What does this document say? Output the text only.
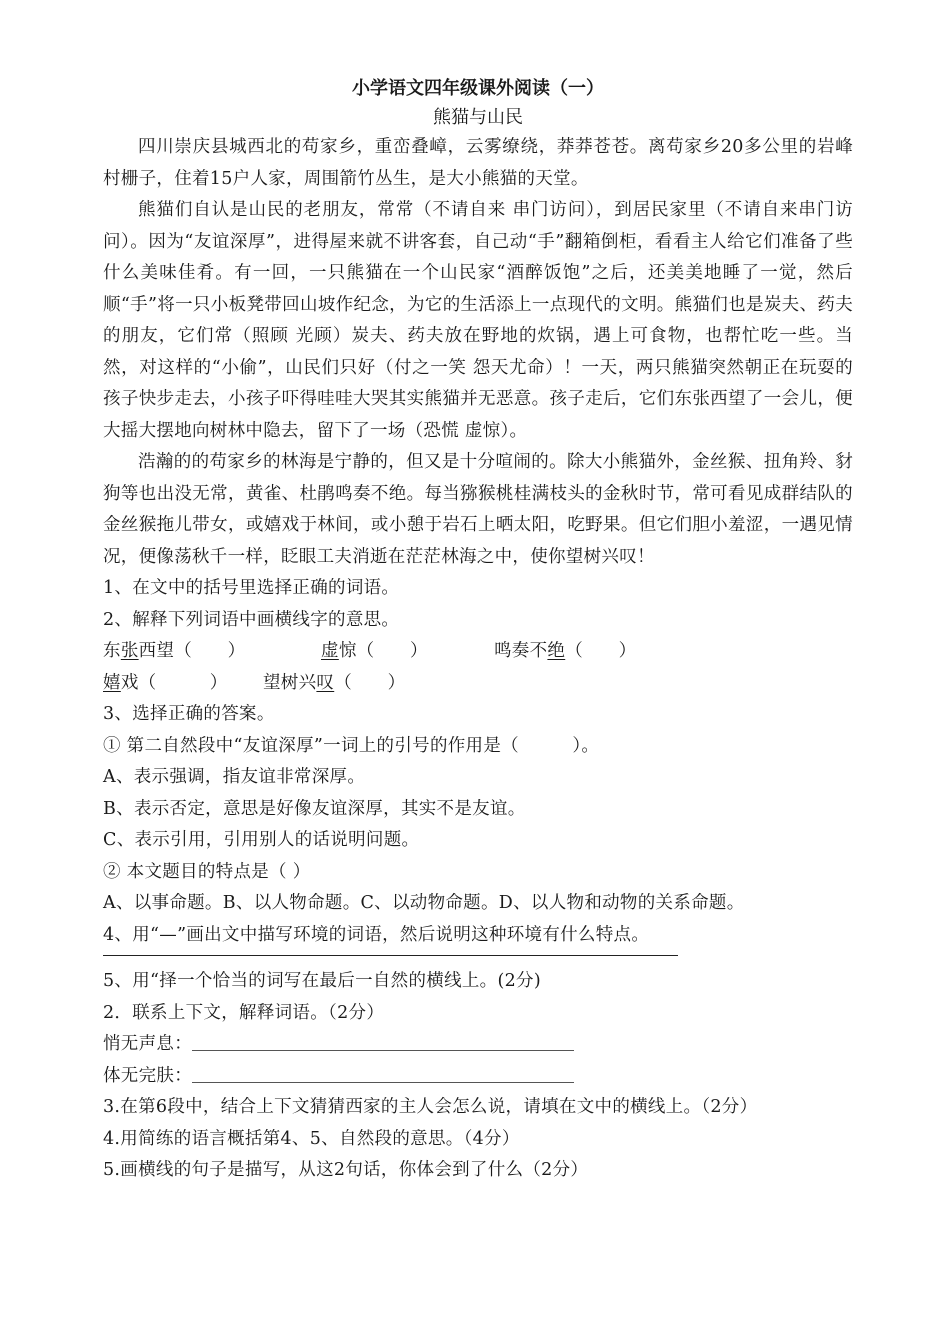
小学语文四年级课外阅读（一）

熊猫与山民

四川崇庆县城西北的苟家乡，重峦叠嶂，云雾缭绕，莽莽苍苍。离苟家乡20多公里的岩峰村栅子，住着15户人家，周围箭竹丛生，是大小熊猫的天堂。

熊猫们自认是山民的老朋友，常常（不请自来 串门访问），到居民家里（不请自来串门访问）。因为“友谊深厚”，进得屋来就不讲客套，自己动“手”翻箱倒柜，看看主人给它们准备了些什么美味佳肴。有一回，一只熊猫在一个山民家“酒醉饭饱”之后，还美美地睡了一觉，然后顺“手”将一只小板凳带回山坡作纪念，为它的生活添上一点现代的文明。熊猫们也是炭夫、药夫的朋友，它们常（照顾 光顾）炭夫、药夫放在野地的炊锅，遇上可食物，也帮忙吃一些。当然，对这样的“小偷”，山民们只好（付之一笑 怨天尤命）！一天，两只熊猫突然朝正在玩耍的孩子快步走去，小孩子吓得哇哇大哭其实熊猫并无恶意。孩子走后，它们东张西望了一会儿，便大摇大摆地向树林中隐去，留下了一场（恐慌 虚惊）。

浩瀚的的苟家乡的林海是宁静的，但又是十分喧闹的。除大小熊猫外，金丝猴、扭角羚、豺狗等也出没无常，黄雀、杜鹃鸣奏不绝。每当猕猴桃桂满枝头的金秋时节，常可看见成群结队的金丝猴拖儿带女，或嬉戏于林间，或小憩于岩石上晒太阳，吃野果。但它们胆小羞涩，一遇见情况，便像荡秋千一样，眨眼工夫消逝在茫茫林海之中，使你望树兴叹！

1、在文中的括号里选择正确的词语。

2、解释下列词语中画横线字的意思。

东张西望（　　）	虚惊（　　）	鸣奏不绝（　　）

嬉戏（　　　） 望树兴叹（　　）

3、选择正确的答案。

① 第二自然段中“友谊深厚”一词上的引号的作用是（　　　）。

A、表示强调，指友谊非常深厚。

B、表示否定，意思是好像友谊深厚，其实不是友谊。

C、表示引用，引用别人的话说明问题。

② 本文题目的特点是（ ）

A、以事命题。B、以人物命题。C、以动物命题。D、以人物和动物的关系命题。

4、用“—”画出文中描写环境的词语，然后说明这种环境有什么特点。

5、用“择一个恰当的词写在最后一自然的横线上。(2分)

2．联系上下文，解释词语。（2分）

悄无声息：

体无完肤：

3.在第6段中，结合上下文猜猜西家的主人会怎么说，请填在文中的横线上。（2分）

4.用简练的语言概括第4、5、自然段的意思。（4分）

5.画横线的句子是描写，从这2句话，你体会到了什么（2分）
